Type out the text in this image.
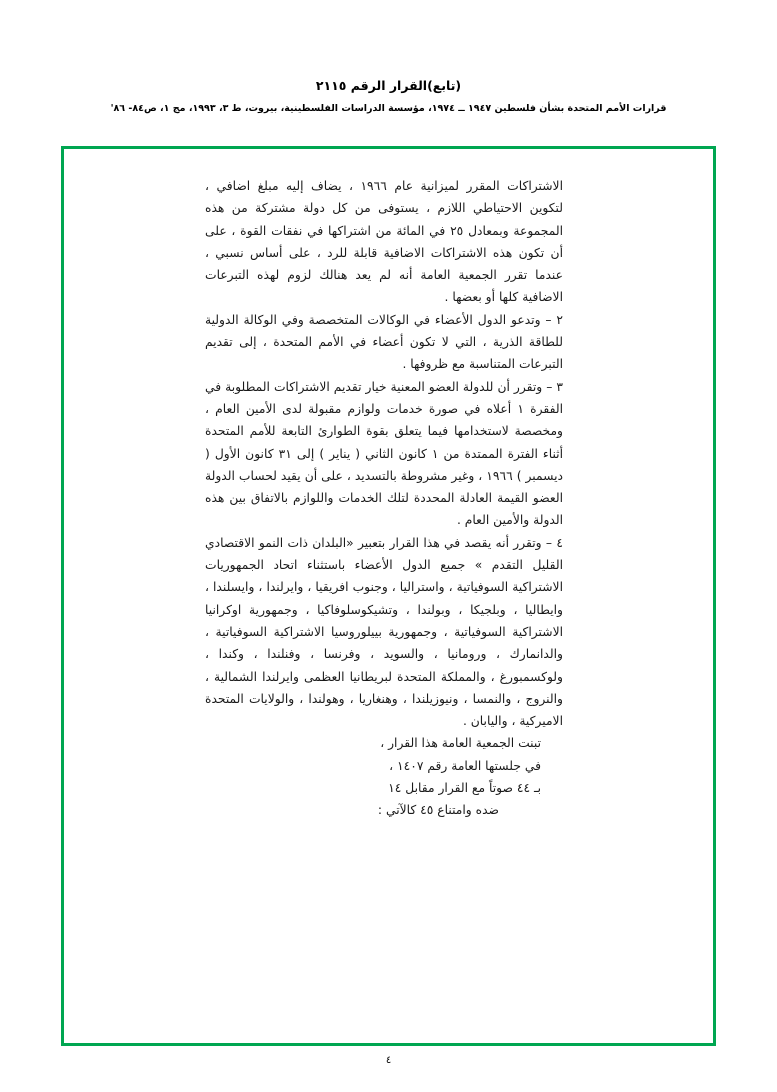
(تابع)القرار الرقم ٢١١٥
قرارات الأمم المتحدة بشأن فلسطين ١٩٤٧ ــ ١٩٧٤، مؤسسة الدراسات الفلسطينية، بيروت، ط ٣، ١٩٩٣، مج ١، ص٨٤- ٨٦'

الاشتراكات المقرر لميزانية عام ١٩٦٦ ، يضاف إليه مبلغ اضافي ، لتكوين الاحتياطي اللازم ، يستوفى من كل دولة مشتركة من هذه المجموعة وبمعادل ٢٥ في المائة من اشتراكها في نفقات القوة ، على أن تكون هذه الاشتراكات الاضافية قابلة للرد ، على أساس نسبي ، عندما تقرر الجمعية العامة أنه لم يعد هنالك لزوم لهذه التبرعات الاضافية كلها أو بعضها .

٢ – وتدعو الدول الأعضاء في الوكالات المتخصصة وفي الوكالة الدولية للطاقة الذرية ، التي لا تكون أعضاء في الأمم المتحدة ، إلى تقديم التبرعات المتناسبة مع ظروفها .

٣ – وتقرر أن للدولة العضو المعنية خيار تقديم الاشتراكات المطلوبة في الفقرة ١ أعلاه في صورة خدمات ولوازم مقبولة لدى الأمين العام ، ومخصصة لاستخدامها فيما يتعلق بقوة الطوارئ التابعة للأمم المتحدة أثناء الفترة الممتدة من ١ كانون الثاني ( يناير ) إلى ٣١ كانون الأول ( ديسمبر ) ١٩٦٦ ، وغير مشروطة بالتسديد ، على أن يقيد لحساب الدولة العضو القيمة العادلة المحددة لتلك الخدمات واللوازم بالاتفاق بين هذه الدولة والأمين العام .

٤ – وتقرر أنه يقصد في هذا القرار بتعبير «البلدان ذات النمو الاقتصادي القليل التقدم » جميع الدول الأعضاء باستثناء اتحاد الجمهوريات الاشتراكية السوفياتية ، واستراليا ، وجنوب افريقيا ، وايرلندا ، وايسلندا ، وايطاليا ، وبلجيكا ، وبولندا ، وتشيكوسلوفاكيا ، وجمهورية اوكرانيا الاشتراكية السوفياتية ، وجمهورية بييلوروسيا الاشتراكية السوفياتية ، والدانمارك ، ورومانيا ، والسويد ، وفرنسا ، وفنلندا ، وكندا ، ولوكسمبورغ ، والمملكة المتحدة لبريطانيا العظمى وايرلندا الشمالية ، والنروج ، والنمسا ، ونيوزيلندا ، وهنغاريا ، وهولندا ، والولايات المتحدة الاميركية ، واليابان .

تبنت الجمعية العامة هذا القرار ،

في جلستها العامة رقم ١٤٠٧ ،

بـ ٤٤ صوتاً مع القرار مقابل ١٤

ضده وامتناع ٤٥ كالآتي :

٤
